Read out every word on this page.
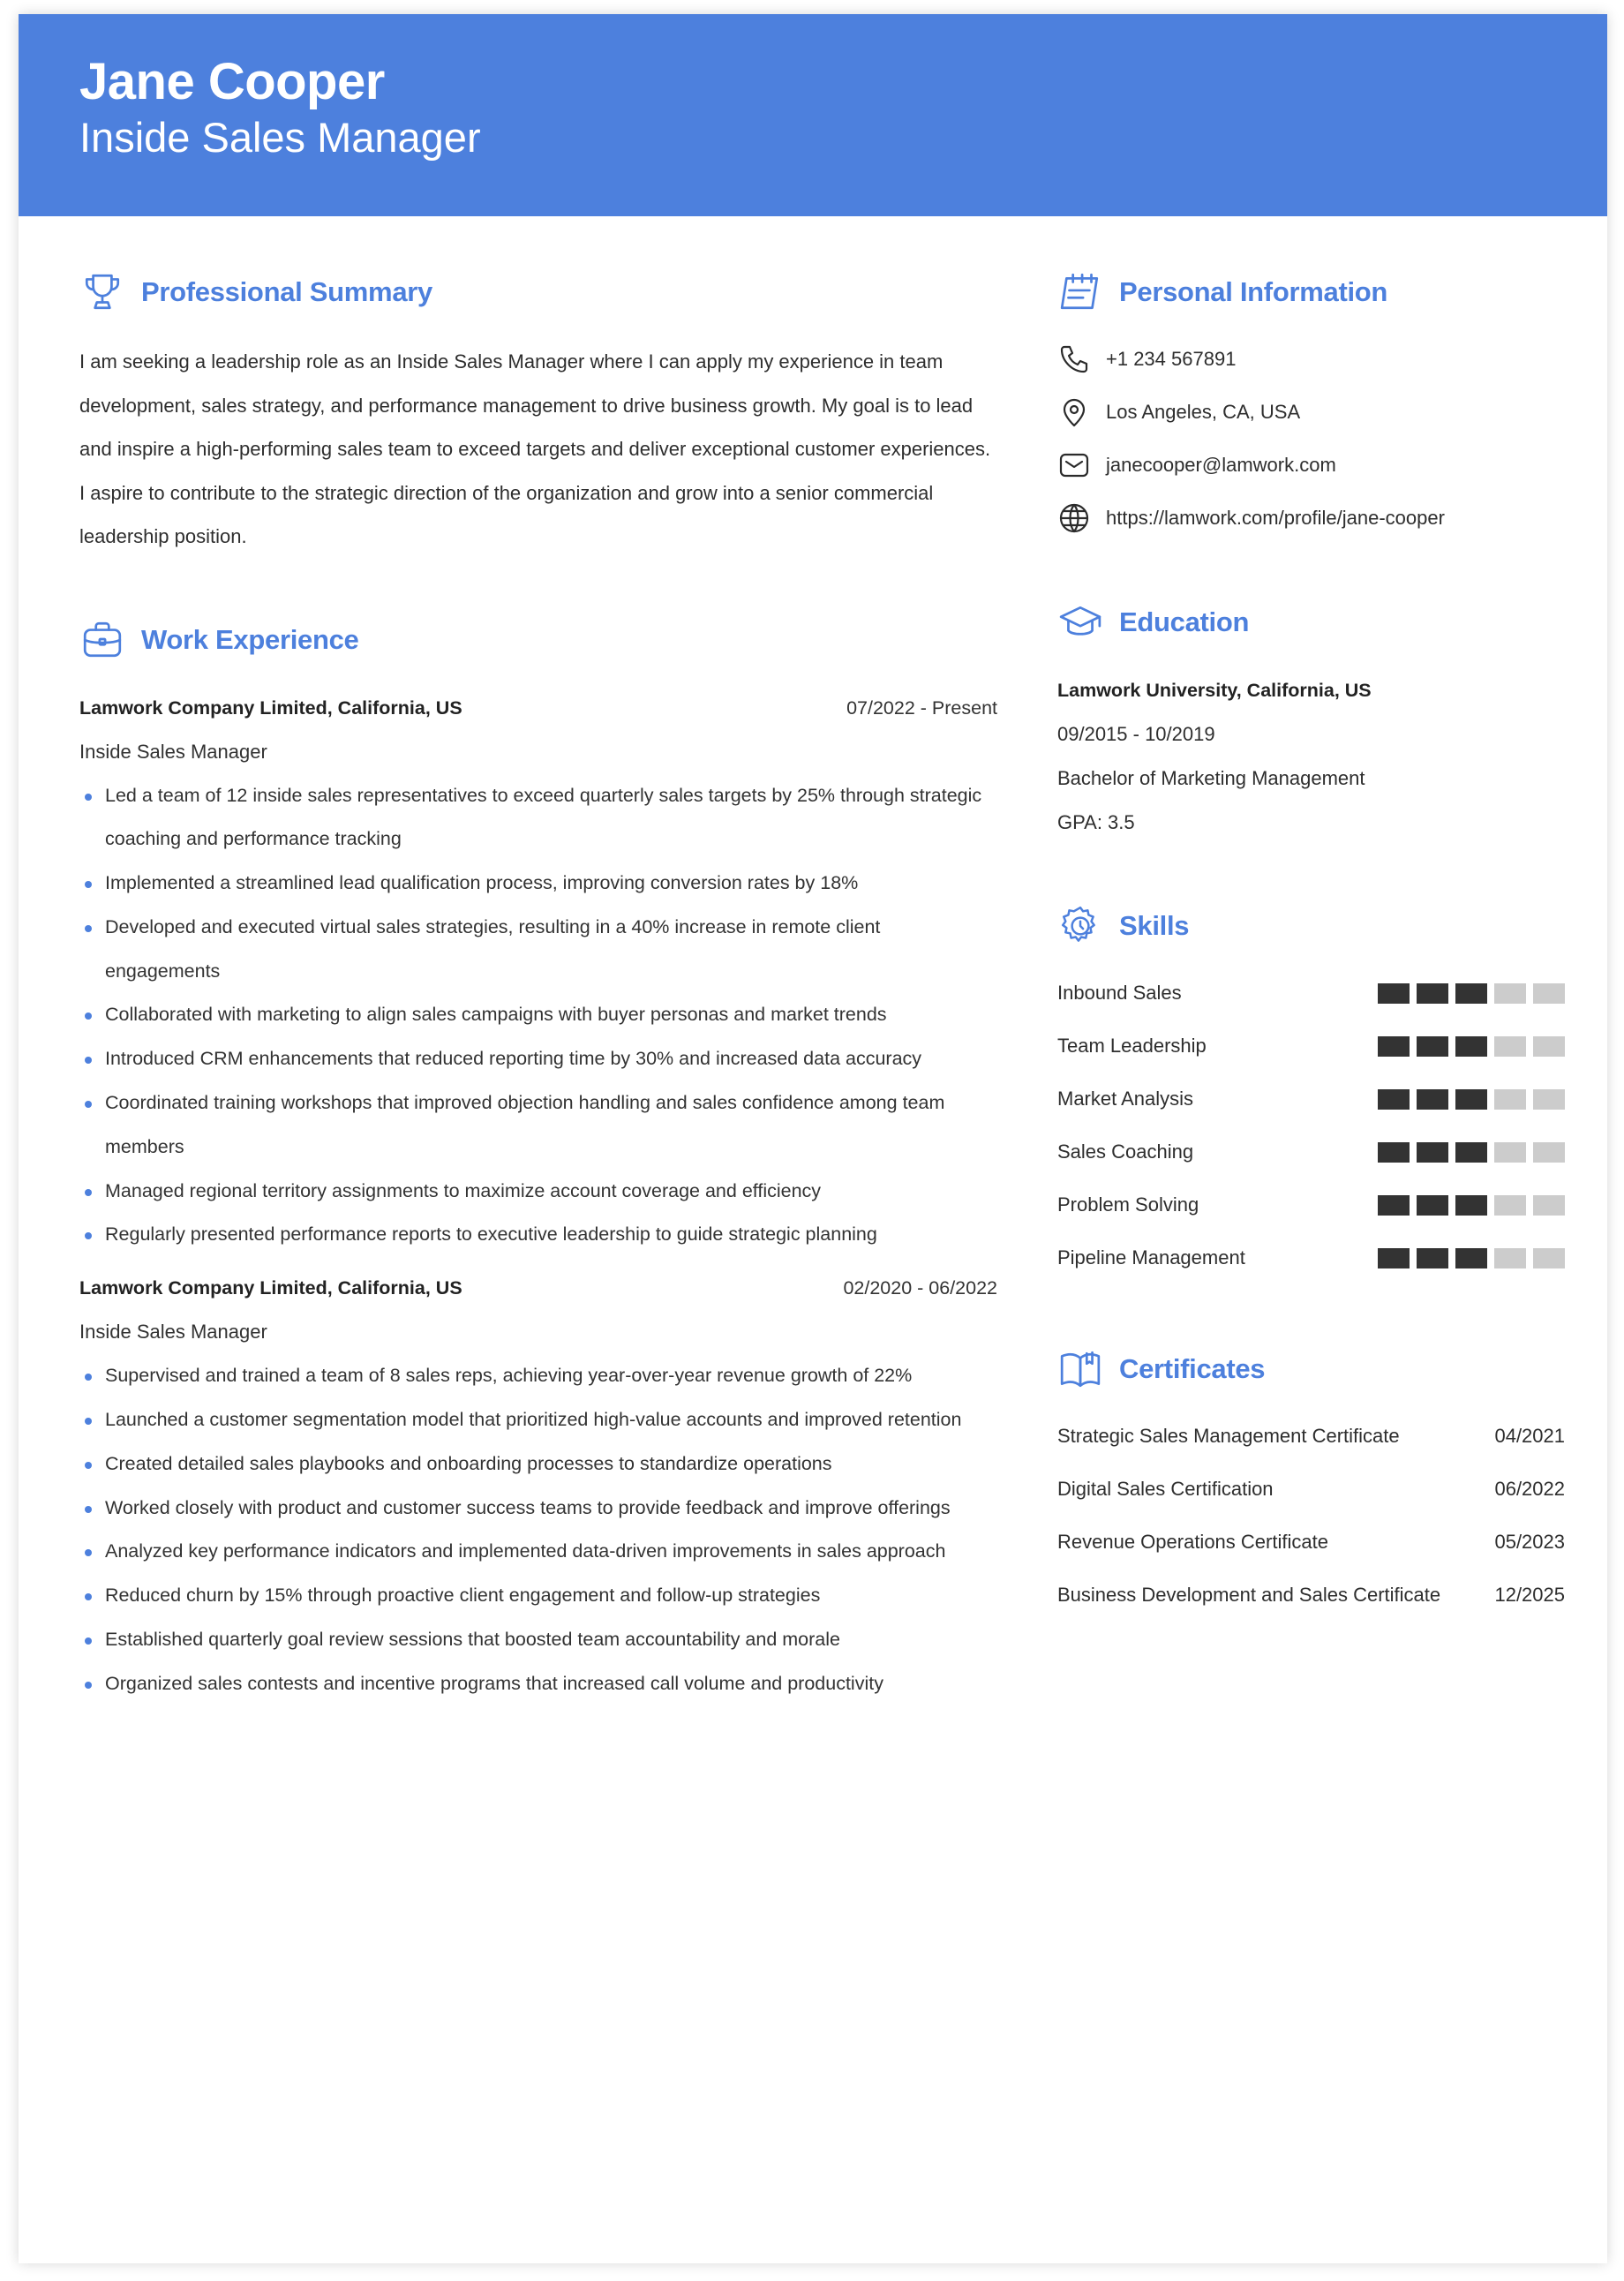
Jane Cooper
Inside Sales Manager
Professional Summary

I am seeking a leadership role as an Inside Sales Manager where I can apply my experience in team development, sales strategy, and performance management to drive business growth. My goal is to lead and inspire a high-performing sales team to exceed targets and deliver exceptional customer experiences. I aspire to contribute to the strategic direction of the organization and grow into a senior commercial leadership position.

Work Experience
Lamwork Company Limited, California, US	07/2022 - Present
Inside Sales Manager
Led a team of 12 inside sales representatives to exceed quarterly sales targets by 25% through strategic coaching and performance tracking
Implemented a streamlined lead qualification process, improving conversion rates by 18%
Developed and executed virtual sales strategies, resulting in a 40% increase in remote client engagements
Collaborated with marketing to align sales campaigns with buyer personas and market trends
Introduced CRM enhancements that reduced reporting time by 30% and increased data accuracy
Coordinated training workshops that improved objection handling and sales confidence among team members
Managed regional territory assignments to maximize account coverage and efficiency
Regularly presented performance reports to executive leadership to guide strategic planning
Lamwork Company Limited, California, US	02/2020 - 06/2022
Inside Sales Manager
Supervised and trained a team of 8 sales reps, achieving year-over-year revenue growth of 22%
Launched a customer segmentation model that prioritized high-value accounts and improved retention
Created detailed sales playbooks and onboarding processes to standardize operations
Worked closely with product and customer success teams to provide feedback and improve offerings
Analyzed key performance indicators and implemented data-driven improvements in sales approach
Reduced churn by 15% through proactive client engagement and follow-up strategies
Established quarterly goal review sessions that boosted team accountability and morale
Organized sales contests and incentive programs that increased call volume and productivity
Personal Information
+1 234 567891
Los Angeles, CA, USA
janecooper@lamwork.com
https://lamwork.com/profile/jane-cooper
Education
Lamwork University, California, US
09/2015 - 10/2019
Bachelor of Marketing Management
GPA: 3.5
Skills
Inbound Sales
Team Leadership
Market Analysis
Sales Coaching
Problem Solving
Pipeline Management
Certificates
Strategic Sales Management Certificate	04/2021
Digital Sales Certification	06/2022
Revenue Operations Certificate	05/2023
Business Development and Sales Certificate	12/2025
